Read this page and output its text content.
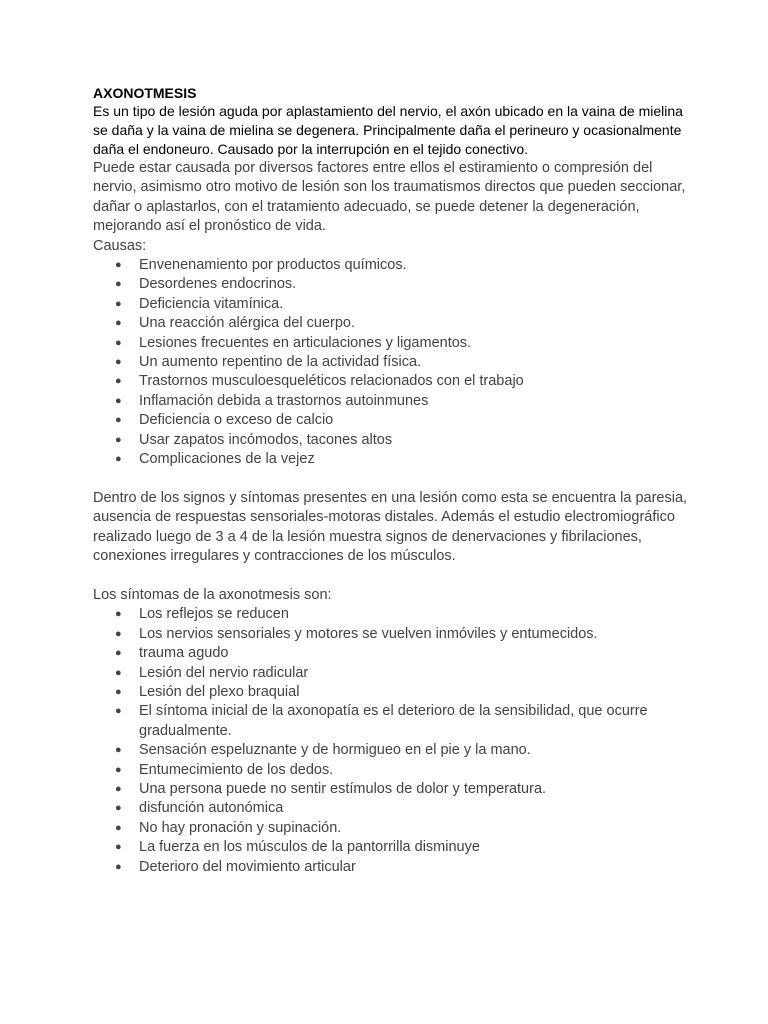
AXONOTMESIS

Es un tipo de lesión aguda por aplastamiento del nervio, el axón ubicado en la vaina de mielina se daña y la vaina de mielina se degenera. Principalmente daña el perineuro y ocasionalmente daña el endoneuro. Causado por la interrupción en el tejido conectivo.

Puede estar causada por diversos factores entre ellos el estiramiento o compresión del nervio, asimismo otro motivo de lesión son los traumatismos directos que pueden seccionar, dañar o aplastarlos, con el tratamiento adecuado, se puede detener la degeneración, mejorando así el pronóstico de vida.

Causas:

● Envenenamiento por productos químicos.
● Desordenes endocrinos.
● Deficiencia vitamínica.
● Una reacción alérgica del cuerpo.
● Lesiones frecuentes en articulaciones y ligamentos.
● Un aumento repentino de la actividad física.
● Trastornos musculoesqueléticos relacionados con el trabajo
● Inflamación debida a trastornos autoinmunes
● Deficiencia o exceso de calcio
● Usar zapatos incómodos, tacones altos
● Complicaciones de la vejez

Dentro de los signos y síntomas presentes en una lesión como esta se encuentra la paresia, ausencia de respuestas sensoriales-motoras distales. Además el estudio electromiográfico realizado luego de 3 a 4 de la lesión muestra signos de denervaciones y fibrilaciones, conexiones irregulares y contracciones de los músculos.

Los síntomas de la axonotmesis son:

● Los reflejos se reducen
● Los nervios sensoriales y motores se vuelven inmóviles y entumecidos.
● trauma agudo
● Lesión del nervio radicular
● Lesión del plexo braquial
● El síntoma inicial de la axonopatía es el deterioro de la sensibilidad, que ocurre gradualmente.
● Sensación espeluznante y de hormigueo en el pie y la mano.
● Entumecimiento de los dedos.
● Una persona puede no sentir estímulos de dolor y temperatura.
● disfunción autonómica
● No hay pronación y supinación.
● La fuerza en los músculos de la pantorrilla disminuye
● Deterioro del movimiento articular
